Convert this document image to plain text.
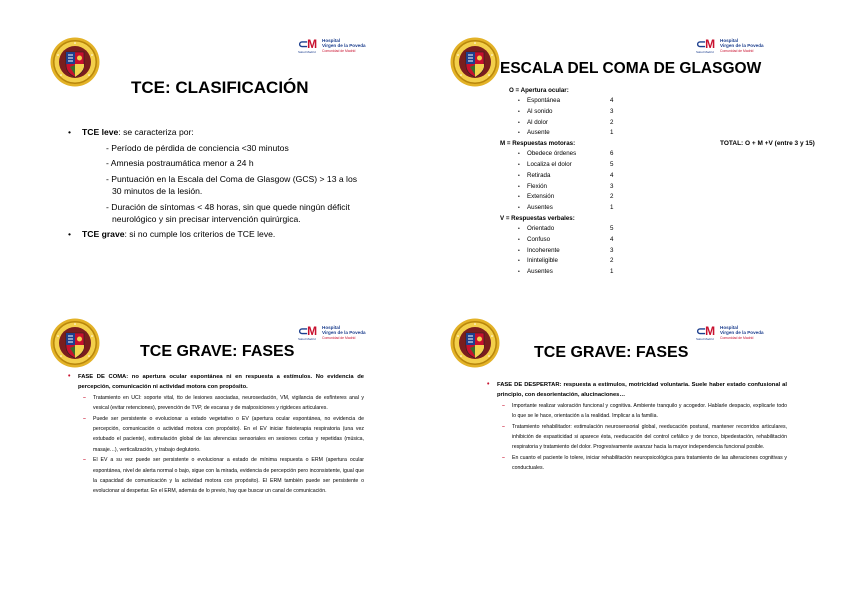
⊂M Hospital
Virgen de la Poveda
Comunidad de Madrid
Salud Madrid
TCE: CLASIFICACIÓN
• TCE leve: se caracteriza por:
- Período de pérdida de conciencia <30 minutos
- Amnesia postraumática menor a 24 h
- Puntuación en la Escala del Coma de Glasgow (GCS) > 13 a los 30 minutos de la lesión.
- Duración de síntomas < 48 horas, sin que quede ningún déficit neurológico y sin precisar intervención quirúrgica.
• TCE grave: si no cumple los criterios de TCE leve.
⊂M Hospital
Virgen de la Poveda
Comunidad de Madrid
Salud Madrid
ESCALA DEL COMA DE GLASGOW
O = Apertura ocular:
• Espontánea	4
• Al sonido	3
• Al dolor	2
• Ausente	1
M = Respuestas motoras:	TOTAL: O + M +V (entre 3 y 15)
• Obedece órdenes	6
• Localiza el dolor	5
• Retirada	4
• Flexión	3
• Extensión	2
• Ausentes	1
V = Respuestas verbales:
• Orientado	5
• Confuso	4
• Incoherente	3
• Ininteligible	2
• Ausentes	1
⊂M Hospital
Virgen de la Poveda
Comunidad de Madrid
Salud Madrid
TCE GRAVE: FASES
• FASE DE COMA: no apertura ocular espontánea ni en respuesta a estímulos. No evidencia de percepción, comunicación ni actividad motora con propósito.
– Tratamiento en UCI: soporte vital, tto de lesiones asociadas, neurosedación, VM, vigilancia de esfínteres anal y vesical (evitar retenciones), prevención de TVP, de escaras y de malposiciones y rigideces articulares.
– Puede ser persistente o evolucionar a estado vegetativo o EV (apertura ocular espontánea, no evidencia de percepción, comunicación o actividad motora con propósito). En el EV iniciar fisioterapia respiratoria (una vez extubado el paciente), estimulación global de las aferencias sensoriales en sesiones cortas y repetidas (música, masaje…), verticalización, y trabajo deglutorio.
– El EV a su vez puede ser persistente o evolucionar a estado de mínima respuesta o ERM (apertura ocular espontánea, nivel de alerta normal o bajo, sigue con la mirada, evidencia de percepción pero inconsistente, igual que la capacidad de comunicación y la actividad motora con propósito). El ERM también puede ser persistente o evolucionar al despertar. En el ERM, además de lo previo, hay que buscar un canal de comunicación.
⊂M Hospital
Virgen de la Poveda
Comunidad de Madrid
Salud Madrid
TCE GRAVE: FASES
• FASE DE DESPERTAR: respuesta a estímulos, motricidad voluntaria. Suele haber estado confusional al principio, con desorientación, alucinaciones…
– Importante realizar valoración funcional y cognitiva. Ambiente tranquilo y acogedor. Hablarle despacio, explicarle todo lo que se le hace, orientación a la realidad. Implicar a la familia.
– Tratamiento rehabilitador: estimulación neurosensorial global, reeducación postural, mantener recorridos articulares, inhibición de espasticidad si aparece ésta, reeducación del control cefálico y de tronco, bipedestación, rehabilitación respiratoria y tratamiento del dolor. Progresivamente avanzar hacia la mayor independencia funcional posible.
– En cuanto el paciente lo tolere, iniciar rehabilitación neuropsicológica para tratamiento de las alteraciones cognitivas y conductuales.
